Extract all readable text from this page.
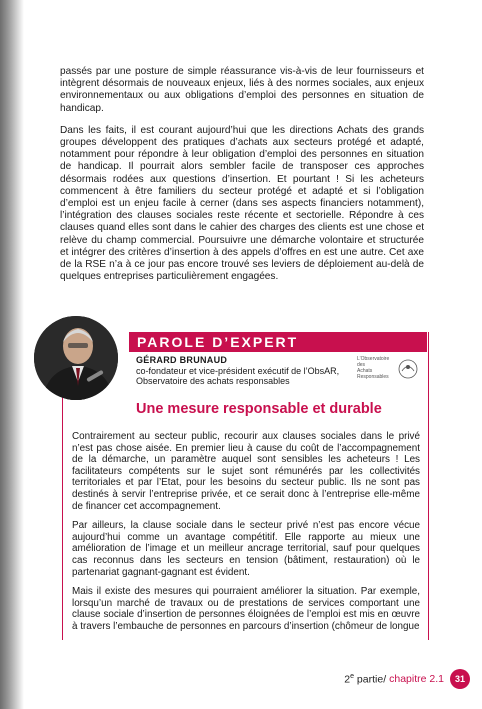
passés par une posture de simple réassurance vis-à-vis de leur fournisseurs et intègrent désormais de nouveaux enjeux, liés à des normes sociales, aux enjeux environnementaux ou aux obligations d’emploi des personnes en situation de handicap.

Dans les faits, il est courant aujourd’hui que les directions Achats des grands groupes développent des pratiques d’achats aux secteurs protégé et adapté, notamment pour répondre à leur obligation d’emploi des personnes en situation de handicap. Il pourrait alors sembler facile de transposer ces approches désormais rodées aux questions d’insertion. Et pourtant ! Si les acheteurs commencent à être familiers du secteur protégé et adapté et si l’obligation d’emploi est un enjeu facile à cerner (dans ses aspects financiers notamment), l’intégration des clauses sociales reste récente et sectorielle. Répondre à ces clauses quand elles sont dans le cahier des charges des clients est une chose et relève du champ commercial. Poursuivre une démarche volontaire et structurée et intégrer des critères d’insertion à des appels d’offres en est une autre. Cet axe de la RSE n’a à ce jour pas encore trouvé ses leviers de déploiement au-delà de quelques entreprises particulièrement engagées.

PAROLE D’EXPERT
GÉRARD BRUNAUD
co-fondateur et vice-président exécutif de l’ObsAR,
Observatoire des achats responsables
L’Observatoire
des
Achats
Responsables
Une mesure responsable et durable

Contrairement au secteur public, recourir aux clauses sociales dans le privé n’est pas chose aisée. En premier lieu à cause du coût de l’accompagnement de la démarche, un paramètre auquel sont sensibles les acheteurs ! Les facilitateurs compétents sur le sujet sont rémunérés par les collectivités territoriales et par l’Etat, pour les besoins du secteur public. Ils ne sont pas destinés à servir l’entreprise privée, et ce serait donc à l’entreprise elle-même de financer cet accompagnement.

Par ailleurs, la clause sociale dans le secteur privé n’est pas encore vécue aujourd’hui comme un avantage compétitif. Elle rapporte au mieux une amélioration de l’image et un meilleur ancrage territorial, sauf pour quelques cas reconnus dans les secteurs en tension (bâtiment, restauration) où le partenariat gagnant-gagnant est évident.

Mais il existe des mesures qui pourraient améliorer la situation. Par exemple, lorsqu’un marché de travaux ou de prestations de services comportant une clause sociale d’insertion de personnes éloignées de l’emploi est mis en œuvre à travers l’embauche de personnes en parcours d’insertion (chômeur de longue

2e partie/ chapitre 2.1	31
